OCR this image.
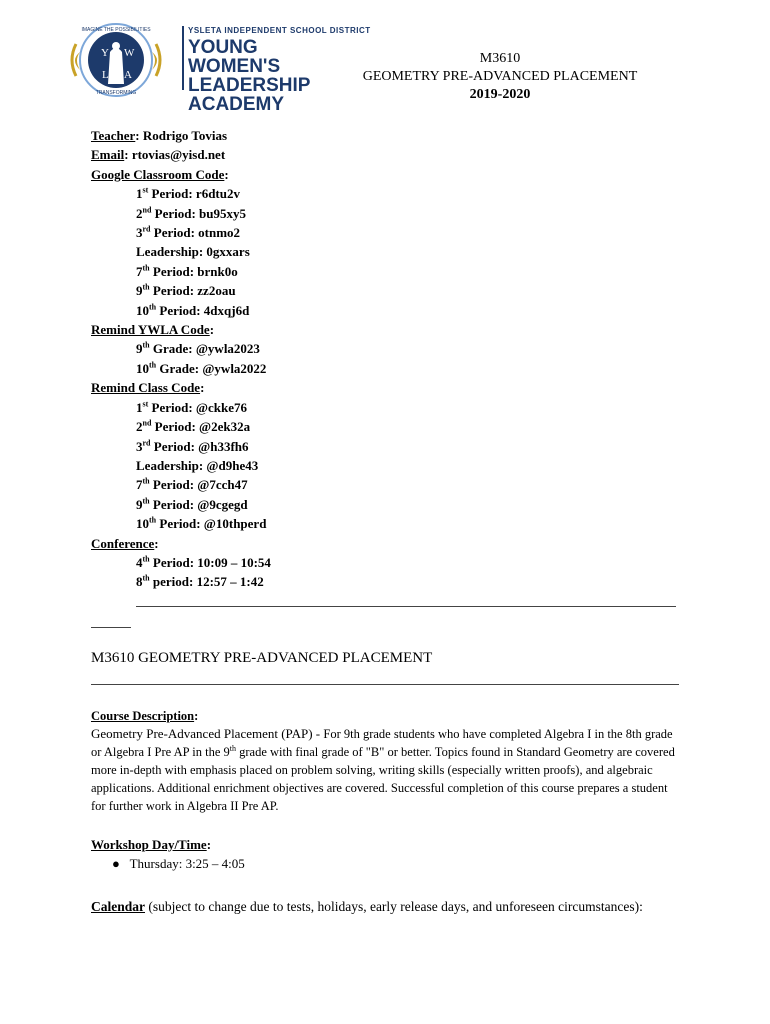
Y W
L A
IMAGINE THE POSSIBILITIES
TRANSFORMING
YSLETA INDEPENDENT SCHOOL DISTRICT
YOUNG WOMEN'S
LEADERSHIP
ACADEMY
M3610
GEOMETRY PRE-ADVANCED PLACEMENT
2019-2020
Teacher: Rodrigo Tovias
Email: rtovias@yisd.net
Google Classroom Code:
1st Period: r6dtu2v
2nd Period: bu95xy5
3rd Period: otnmo2
Leadership: 0gxxars
7th Period: brnk0o
9th Period: zz2oau
10th Period: 4dxqj6d
Remind YWLA Code:
9th Grade: @ywla2023
10th Grade: @ywla2022
Remind Class Code:
1st Period: @ckke76
2nd Period: @2ek32a
3rd Period: @h33fh6
Leadership: @d9he43
7th Period: @7cch47
9th Period: @9cgegd
10th Period: @10thperd
Conference:
4th Period: 10:09 – 10:54
8th period: 12:57 – 1:42
M3610 GEOMETRY PRE-ADVANCED PLACEMENT
Course Description:
Geometry Pre-Advanced Placement (PAP) - For 9th grade students who have completed Algebra I in the 8th grade or Algebra I Pre AP in the 9th grade with final grade of "B" or better. Topics found in Standard Geometry are covered more in-depth with emphasis placed on problem solving, writing skills (especially written proofs), and algebraic applications. Additional enrichment objectives are covered. Successful completion of this course prepares a student for further work in Algebra II Pre AP.
Workshop Day/Time:
● Thursday: 3:25 – 4:05
Calendar (subject to change due to tests, holidays, early release days, and unforeseen circumstances):
